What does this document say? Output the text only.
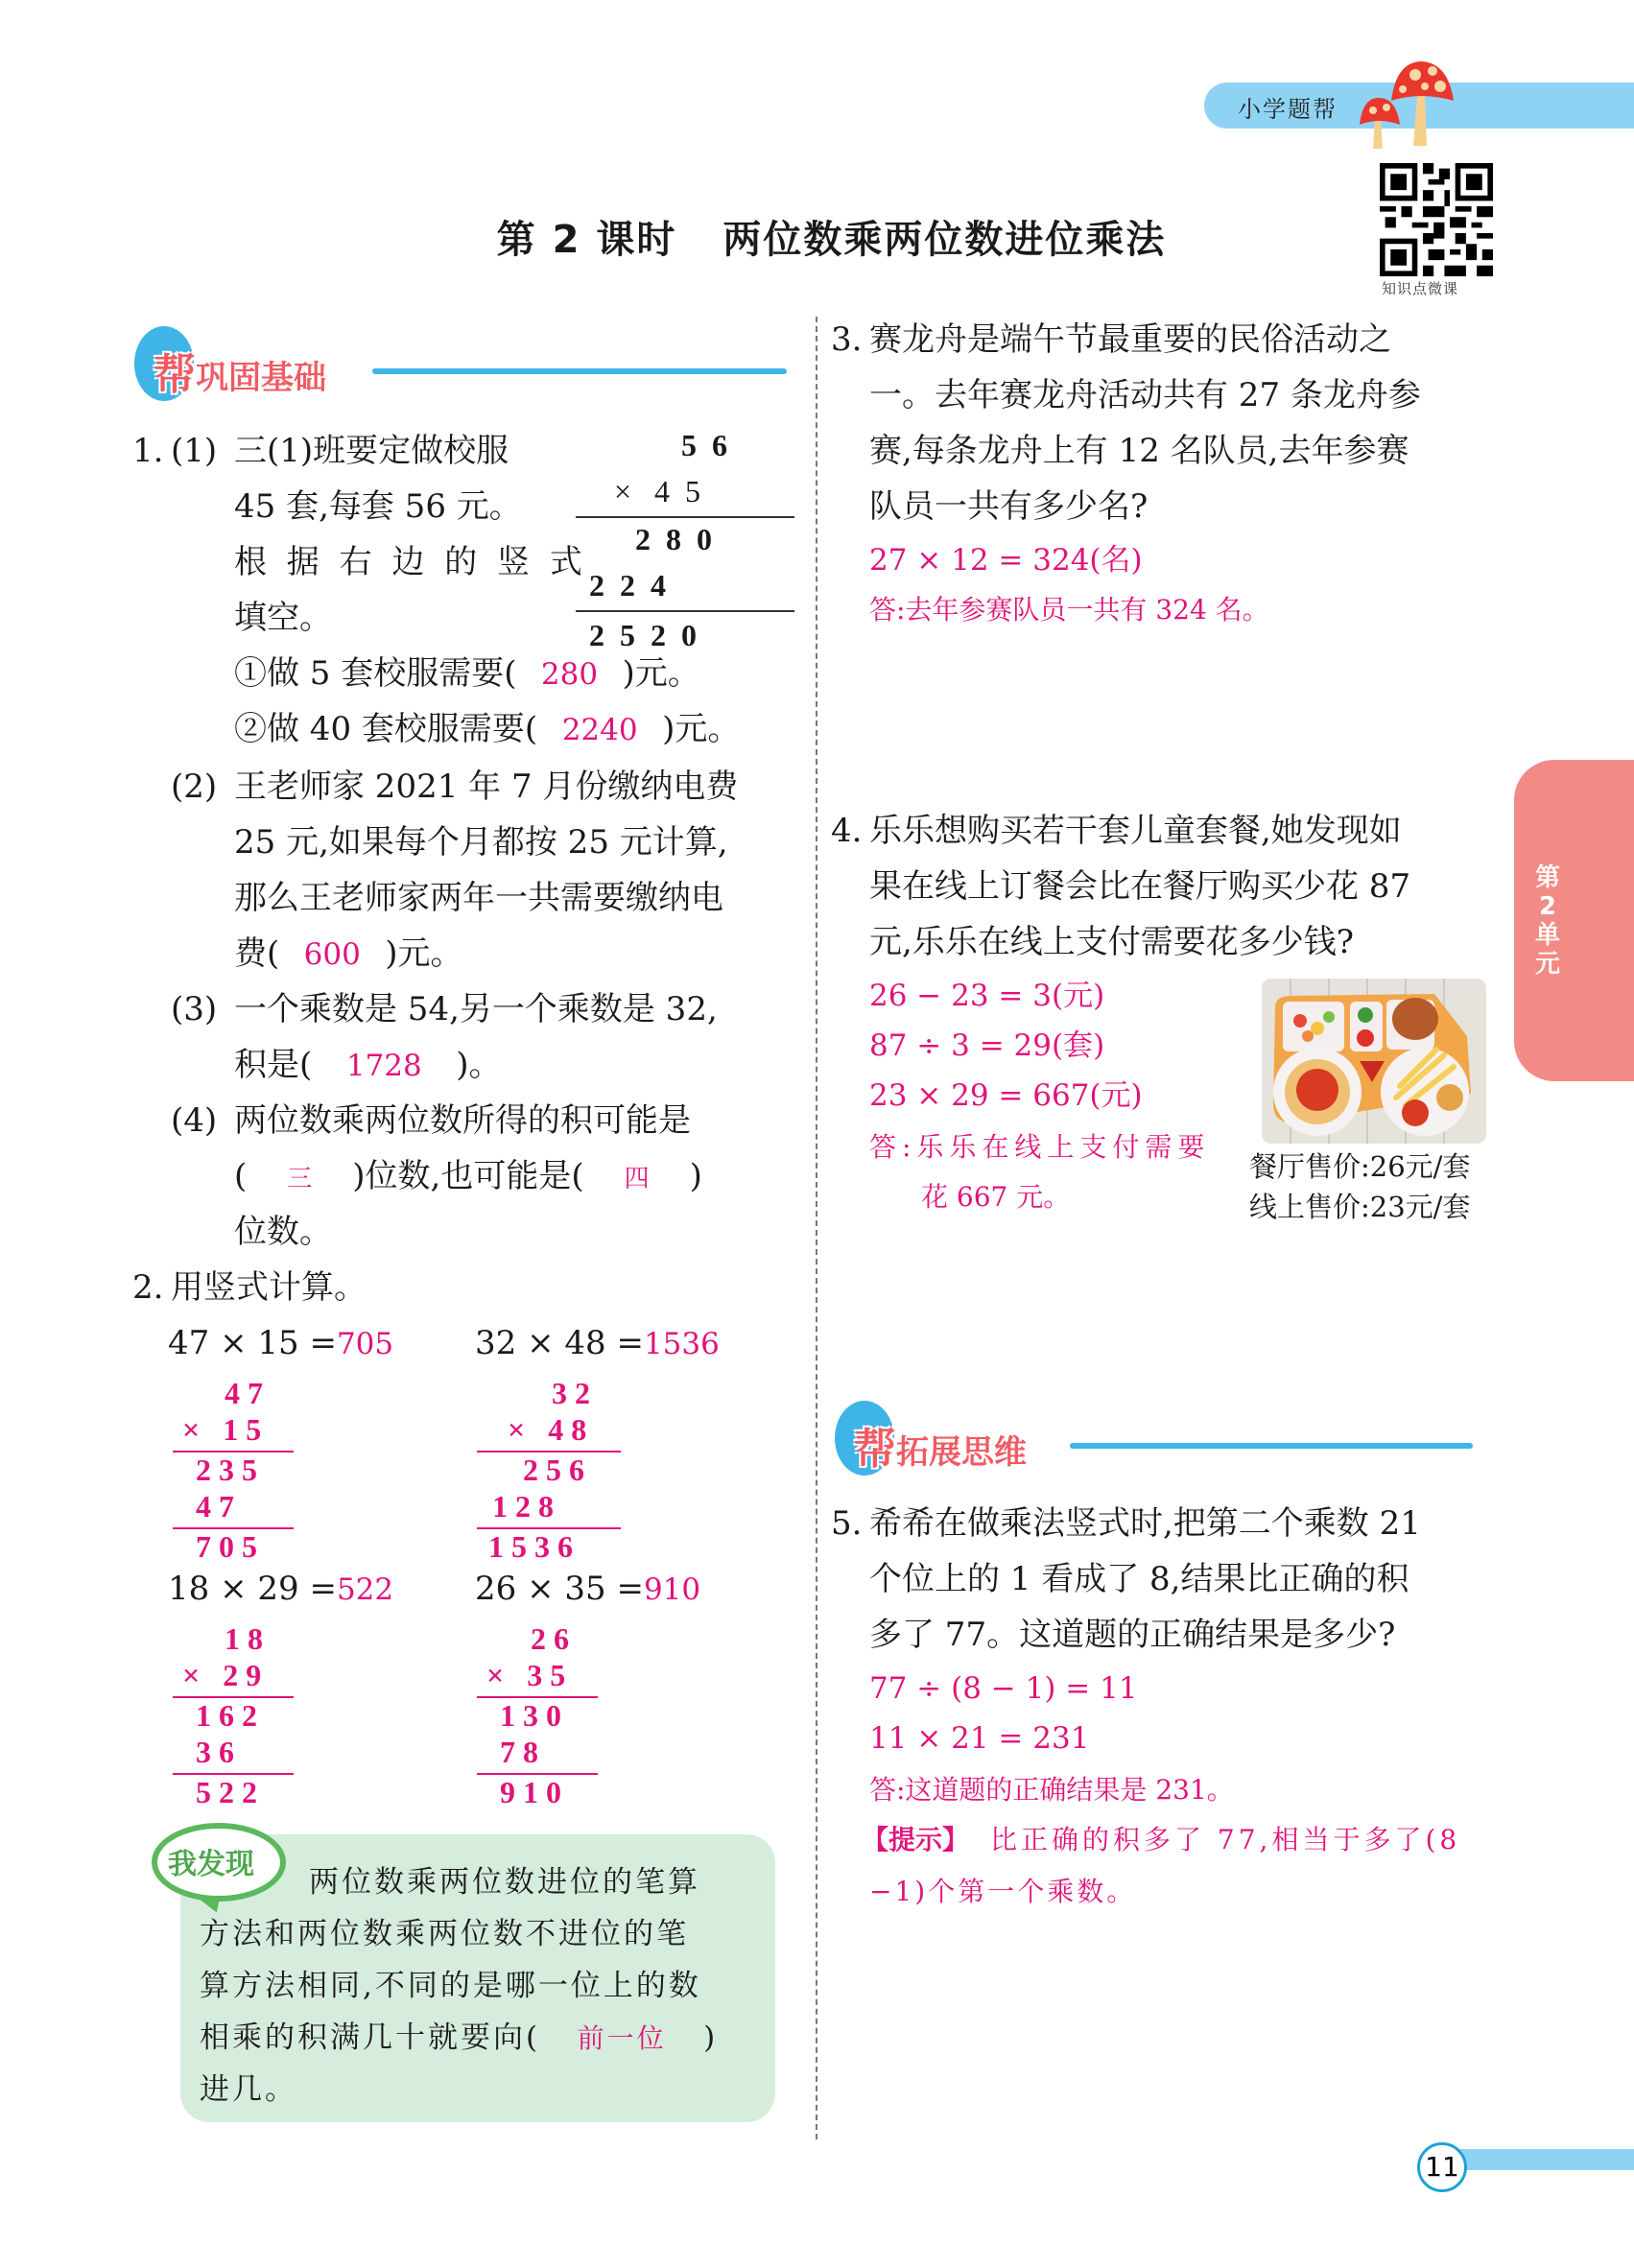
小学题帮
知识点微课
第 2 课时 两位数乘两位数进位乘法
第
2
单
元
帮巩固基础
1. (1) 三(1)班要定做校服
45 套,每套 56 元。
根 据 右 边 的 竖 式
填空。
5  6
×   4  5
2  8  0
2  2  4
2  5  2  0
①做 5 套校服需要( 280 )元。
②做 40 套校服需要( 2240 )元。
(2) 王老师家 2021 年 7 月份缴纳电费
25 元,如果每个月都按 25 元计算,
那么王老师家两年一共需要缴纳电
费( 600 )元。
(3) 一个乘数是 54,另一个乘数是 32,
积是( 1728 )。
(4) 两位数乘两位数所得的积可能是
( 三 )位数,也可能是( 四 )
位数。
2. 用竖式计算。
47 × 15 =705 32 × 48 =1536
4 7
×   1 5
2 3 5
4 7
7 0 5
3 2
×   4 8
2 5 6
1 2 8
1 5 3 6
18 × 29 =522 26 × 35 =910
1 8
×   2 9
1 6 2
3 6
5 2 2
2 6
×   3 5
1 3 0
7 8
9 1 0
我发现
两位数乘两位数进位的笔算
方法和两位数乘两位数不进位的笔
算方法相同,不同的是哪一位上的数
相乘的积满几十就要向( 前一位 )
进几。
3. 赛龙舟是端午节最重要的民俗活动之
一。去年赛龙舟活动共有 27 条龙舟参
赛,每条龙舟上有 12 名队员,去年参赛
队员一共有多少名?
27 × 12 = 324(名)
答:去年参赛队员一共有 324 名。
4. 乐乐想购买若干套儿童套餐,她发现如
果在线上订餐会比在餐厅购买少花 87
元,乐乐在线上支付需要花多少钱?
26 − 23 = 3(元)
87 ÷ 3 = 29(套)
23 × 29 = 667(元)
答:乐乐在线上支付需要
花 667 元。
餐厅售价:26元/套
线上售价:23元/套
帮拓展思维
5. 希希在做乘法竖式时,把第二个乘数 21
个位上的 1 看成了 8,结果比正确的积
多了 77。这道题的正确结果是多少?
77 ÷ (8 − 1) = 11
11 × 21 = 231
答:这道题的正确结果是 231。
【提示】 比正确的积多了 77,相当于多了(8
−1)个第一个乘数。
11
